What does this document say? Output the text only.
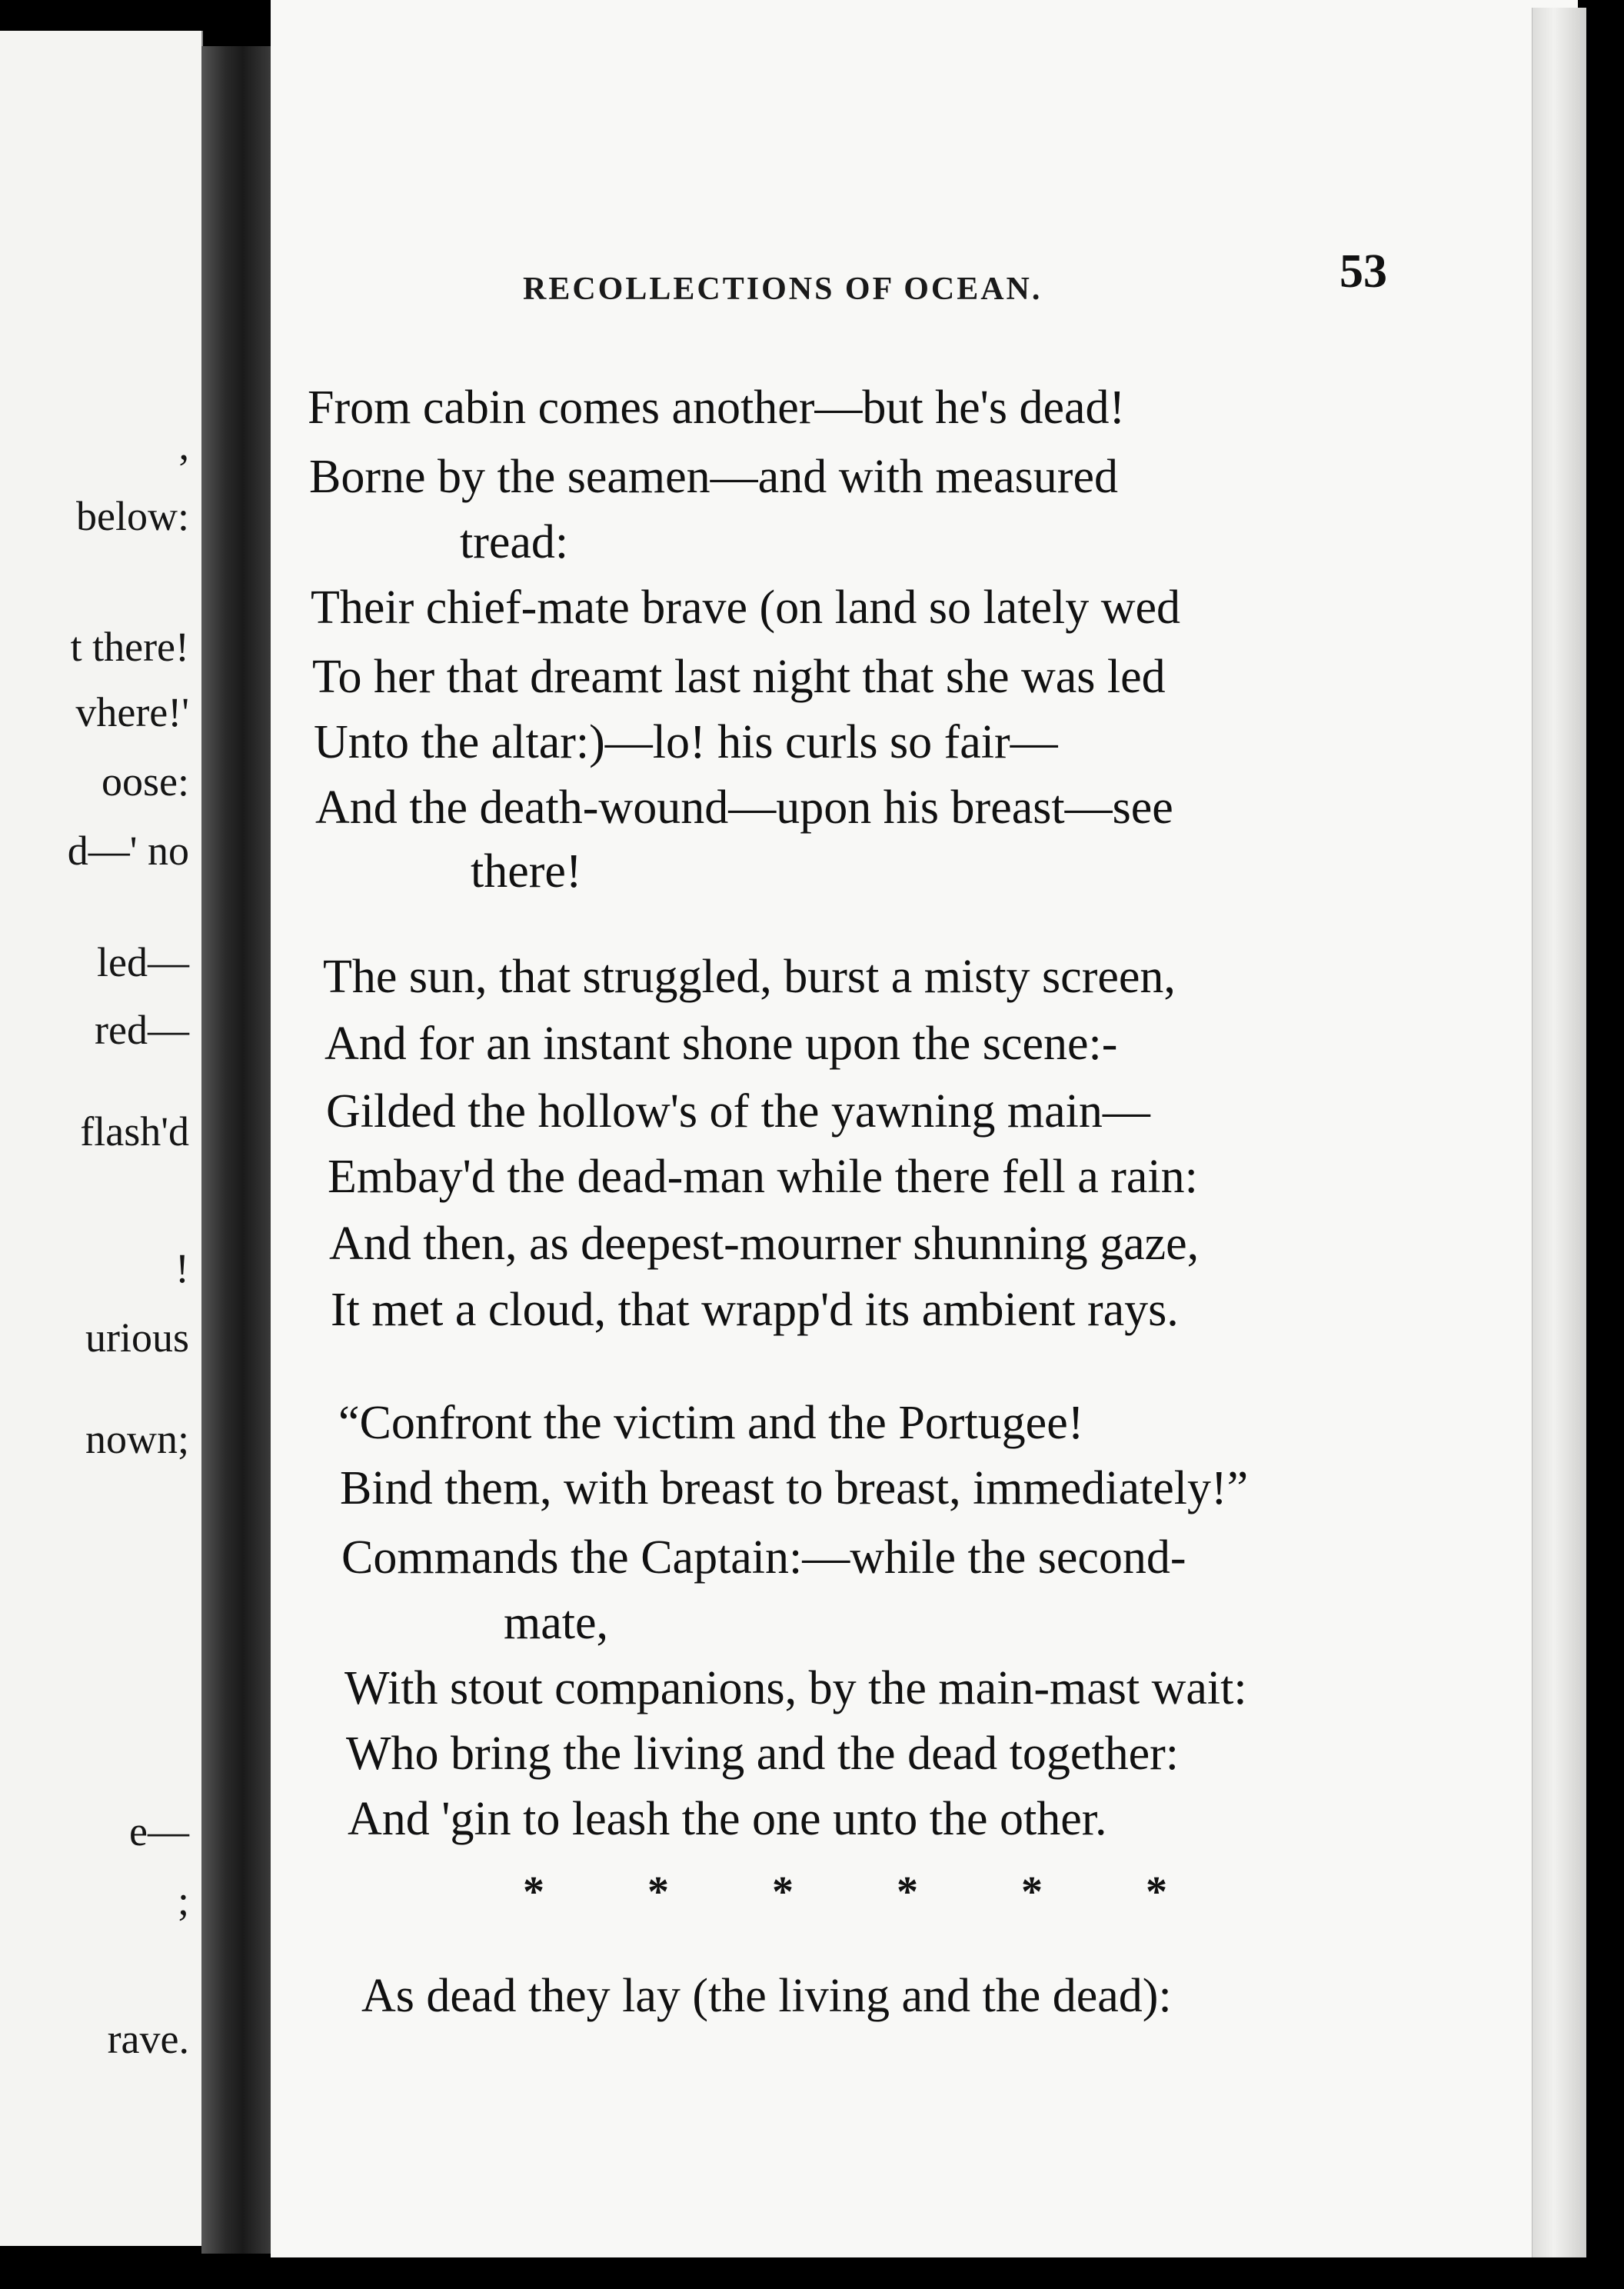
,
below:
t there!
vhere!'
oose:
d—' no
led—
red—
flash'd
!
urious
nown;
e—
;
rave.
RECOLLECTIONS OF OCEAN.	53
From cabin comes another—but he's dead!
Borne by the seamen—and with measured
tread:
Their chief-mate brave (on land so lately wed
To her that dreamt last night that she was led
Unto the altar:)—lo! his curls so fair—
And the death-wound—upon his breast—see
there!
The sun, that struggled, burst a misty screen,
And for an instant shone upon the scene:-
Gilded the hollow's of the yawning main—
Embay'd the dead-man while there fell a rain:
And then, as deepest-mourner shunning gaze,
It met a cloud, that wrapp'd its ambient rays.
“Confront the victim and the Portugee!
Bind them, with breast to breast, immediately!”
Commands the Captain:—while the second-
mate,
With stout companions, by the main-mast wait:
Who bring the living and the dead together:
And 'gin to leash the one unto the other.
* * * * * *
As dead they lay (the living and the dead):
